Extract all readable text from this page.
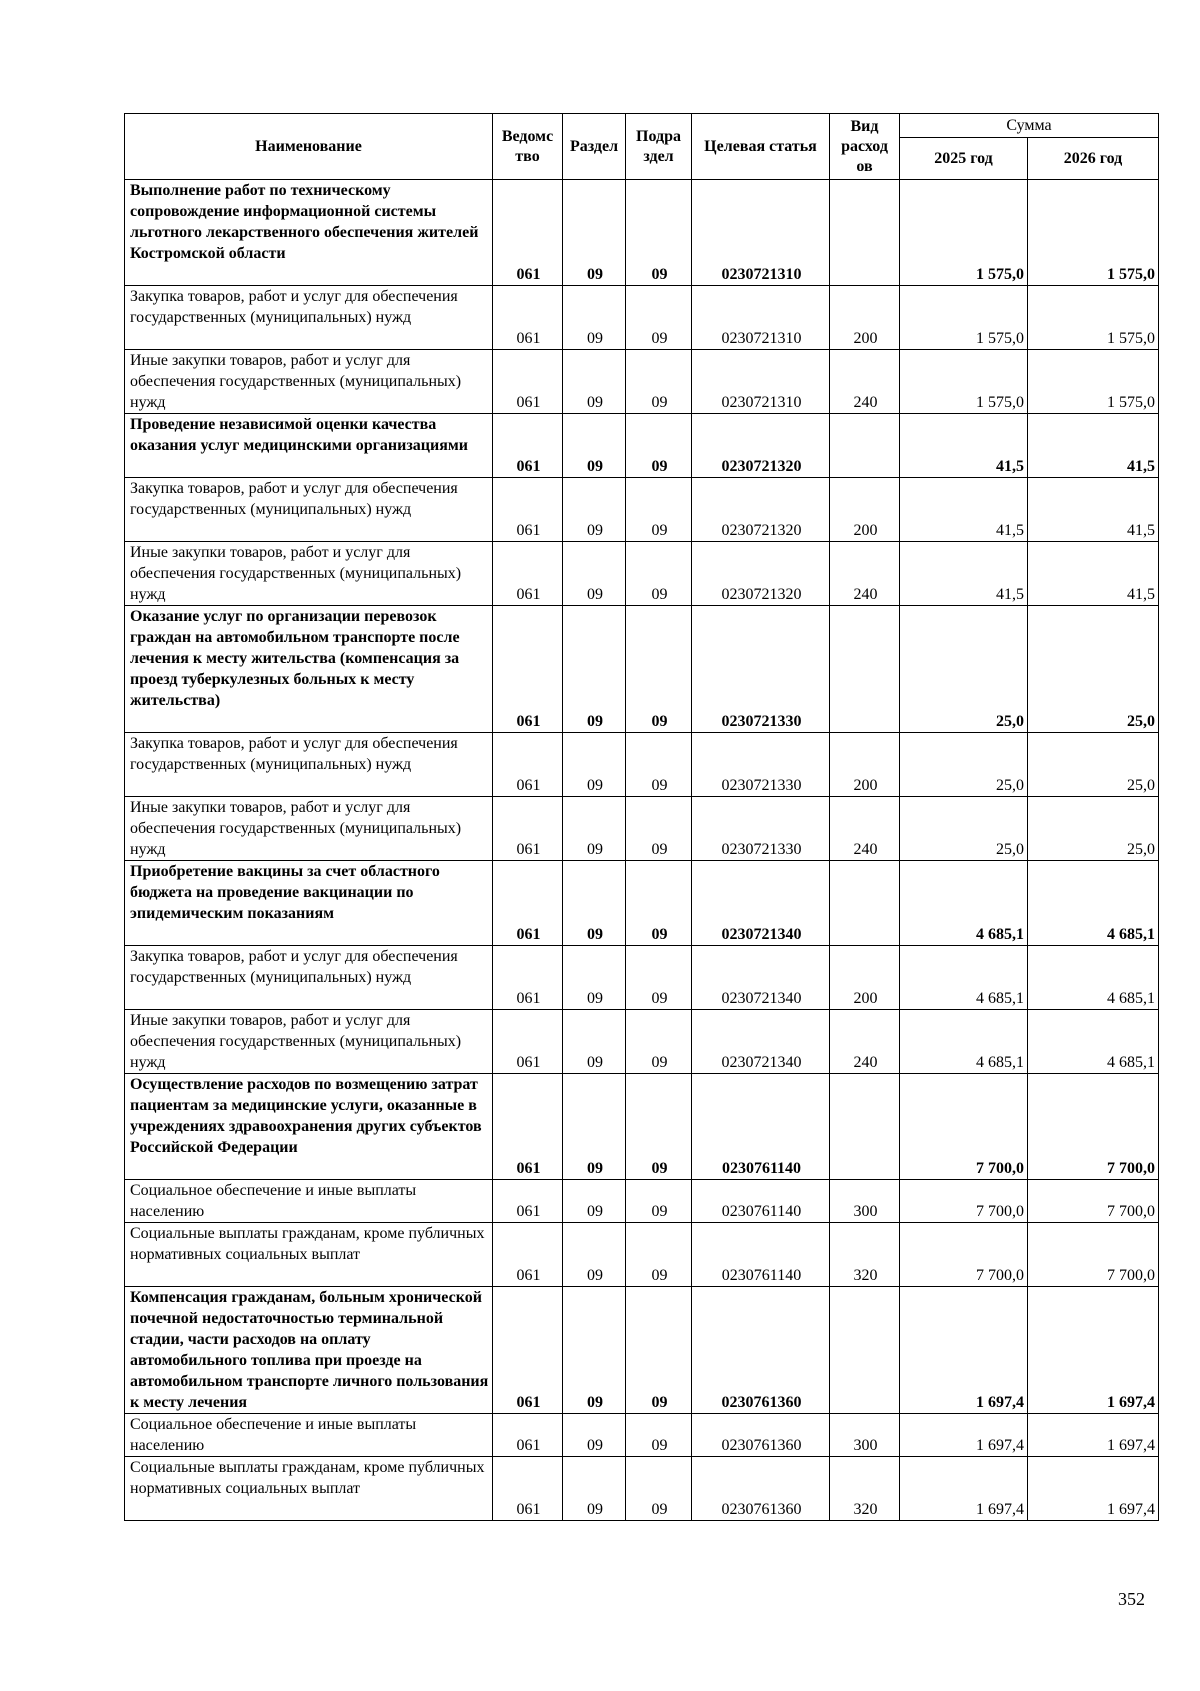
Наименование	Ведомс тво	Раздел	Подра здел	Целевая статья	Вид расход ов	Сумма	
						2025 год	2026 год
Выполнение работ по техническому сопровождение информационной системы льготного лекарственного обеспечения жителей Костромской области	061	09	09	0230721310		1 575,0	1 575,0
Закупка товаров, работ и услуг для обеспечения государственных (муниципальных) нужд	061	09	09	0230721310	200	1 575,0	1 575,0
Иные закупки товаров, работ и услуг для обеспечения государственных (муниципальных) нужд	061	09	09	0230721310	240	1 575,0	1 575,0
Проведение независимой оценки качества оказания услуг медицинскими организациями	061	09	09	0230721320		41,5	41,5
Закупка товаров, работ и услуг для обеспечения государственных (муниципальных) нужд	061	09	09	0230721320	200	41,5	41,5
Иные закупки товаров, работ и услуг для обеспечения государственных (муниципальных) нужд	061	09	09	0230721320	240	41,5	41,5
Оказание услуг по организации перевозок граждан на автомобильном транспорте после лечения к месту жительства (компенсация за проезд туберкулезных больных к месту жительства)	061	09	09	0230721330		25,0	25,0
Закупка товаров, работ и услуг для обеспечения государственных (муниципальных) нужд	061	09	09	0230721330	200	25,0	25,0
Иные закупки товаров, работ и услуг для обеспечения государственных (муниципальных) нужд	061	09	09	0230721330	240	25,0	25,0
Приобретение вакцины за счет областного бюджета на проведение вакцинации по эпидемическим показаниям	061	09	09	0230721340		4 685,1	4 685,1
Закупка товаров, работ и услуг для обеспечения государственных (муниципальных) нужд	061	09	09	0230721340	200	4 685,1	4 685,1
Иные закупки товаров, работ и услуг для обеспечения государственных (муниципальных) нужд	061	09	09	0230721340	240	4 685,1	4 685,1
Осуществление расходов по возмещению затрат пациентам за медицинские услуги, оказанные в учреждениях здравоохранения других субъектов Российской Федерации	061	09	09	0230761140		7 700,0	7 700,0
Социальное обеспечение и иные выплаты населению	061	09	09	0230761140	300	7 700,0	7 700,0
Социальные выплаты гражданам, кроме публичных нормативных социальных выплат	061	09	09	0230761140	320	7 700,0	7 700,0
Компенсация гражданам, больным хронической почечной недостаточностью терминальной стадии, части расходов на оплату автомобильного топлива при проезде на автомобильном транспорте личного пользования к месту лечения	061	09	09	0230761360		1 697,4	1 697,4
Социальное обеспечение и иные выплаты населению	061	09	09	0230761360	300	1 697,4	1 697,4
Социальные выплаты гражданам, кроме публичных нормативных социальных выплат	061	09	09	0230761360	320	1 697,4	1 697,4
352
